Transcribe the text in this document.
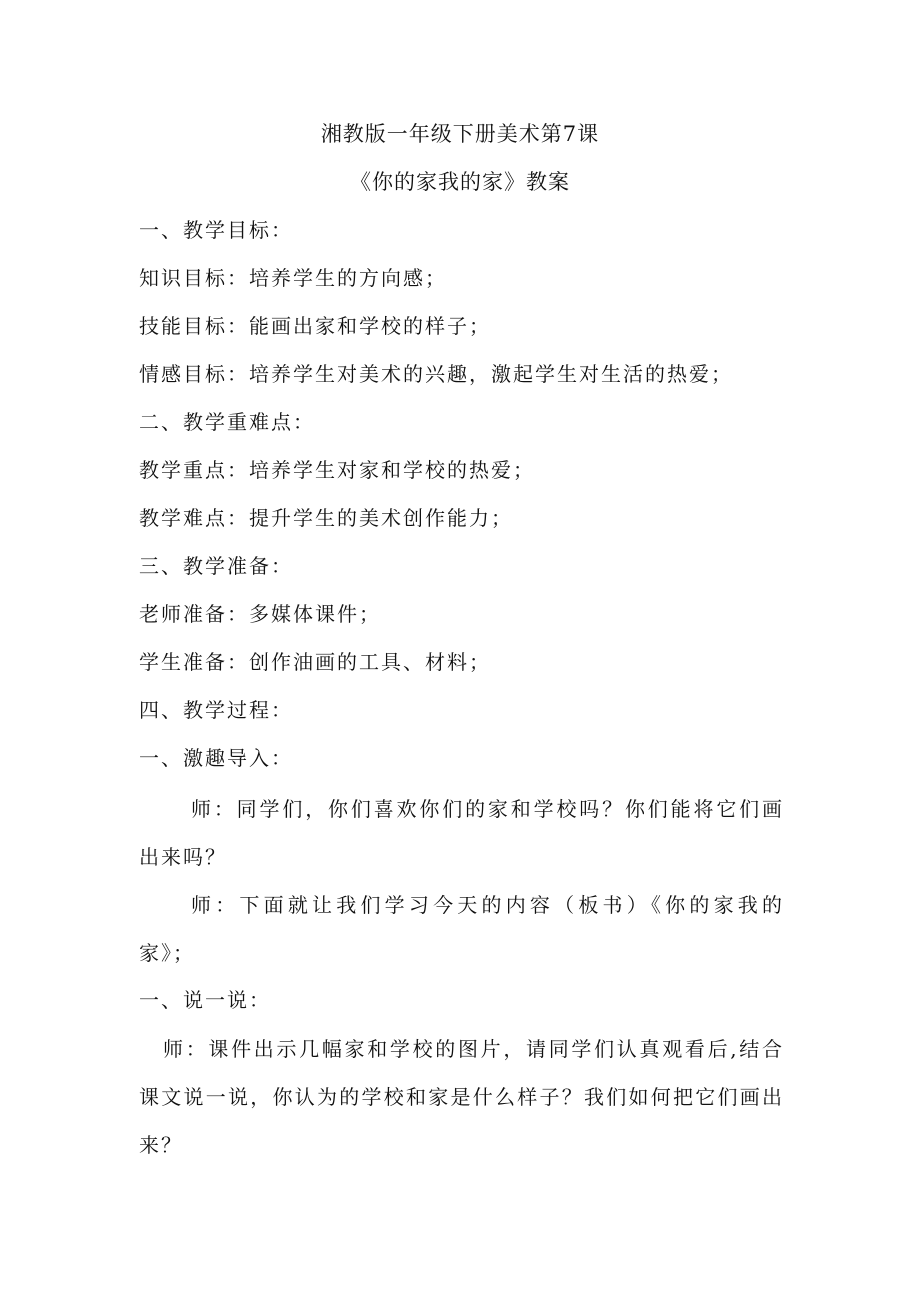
湘教版一年级下册美术第7课
《你的家我的家》教案
一、教学目标：
知识目标：培养学生的方向感；
技能目标：能画出家和学校的样子；
情感目标：培养学生对美术的兴趣，激起学生对生活的热爱；
二、教学重难点：
教学重点：培养学生对家和学校的热爱；
教学难点：提升学生的美术创作能力；
三、教学准备：
老师准备：多媒体课件；
学生准备：创作油画的工具、材料；
四、教学过程：
一、激趣导入：
师：同学们，你们喜欢你们的家和学校吗？你们能将它们画出来吗？
师：下面就让我们学习今天的内容（板书）《你的家我的家》；
一、说一说：
师：课件出示几幅家和学校的图片，请同学们认真观看后,结合课文说一说，你认为的学校和家是什么样子？我们如何把它们画出来？
